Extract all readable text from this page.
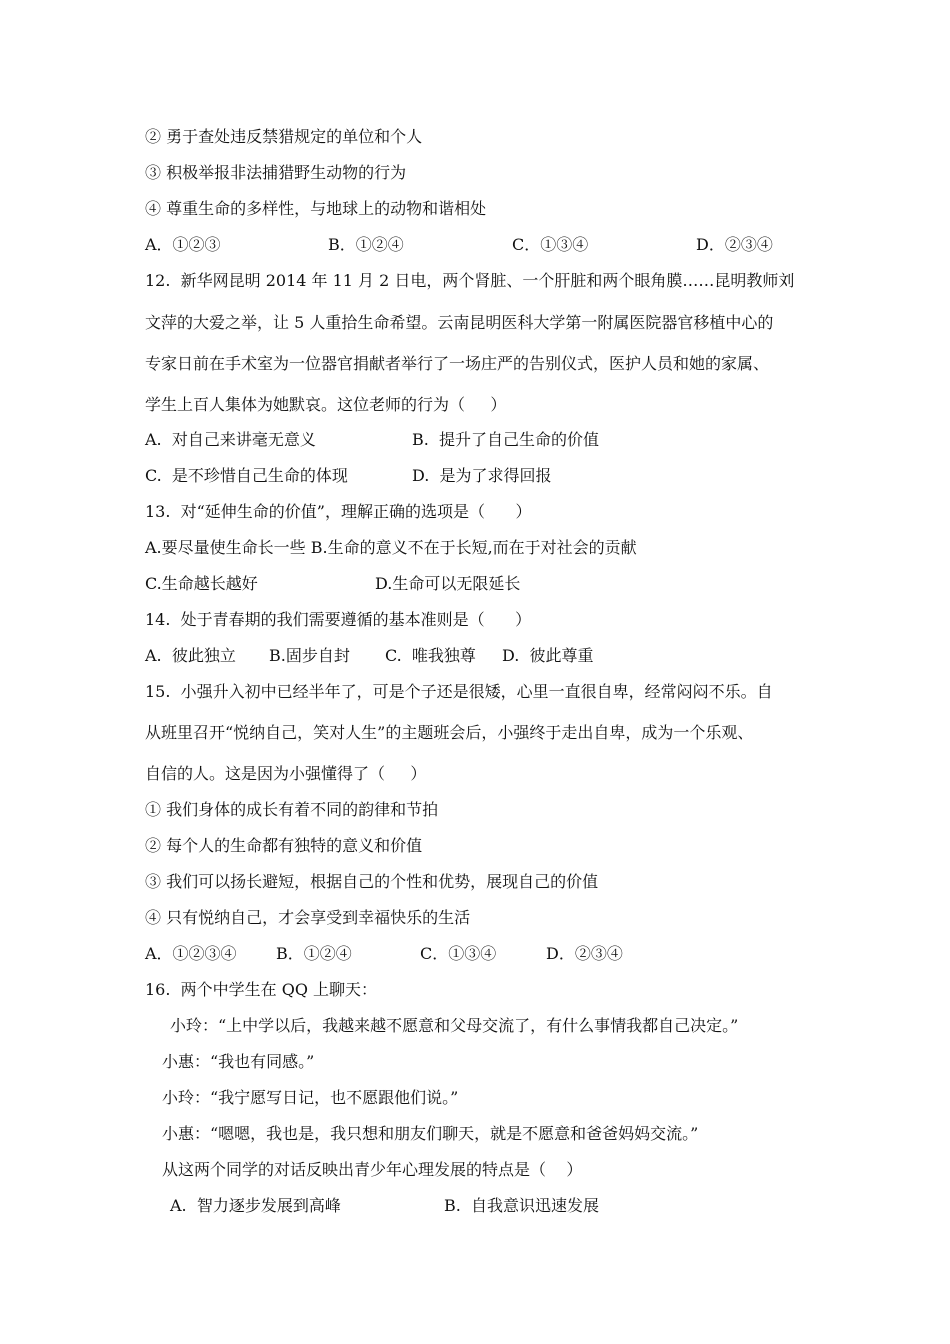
② 勇于查处违反禁猎规定的单位和个人
③ 积极举报非法捕猎野生动物的行为
④ 尊重生命的多样性，与地球上的动物和谐相处
A．①②③	B．①②④	C．①③④	D．②③④
12.  新华网昆明 2014 年 11 月 2 日电，两个肾脏、一个肝脏和两个眼角膜……昆明教师刘
文萍的大爱之举，让 5 人重拾生命希望。云南昆明医科大学第一附属医院器官移植中心的
专家日前在手术室为一位器官捐献者举行了一场庄严的告别仪式，医护人员和她的家属、
学生上百人集体为她默哀。这位老师的行为（     ）
A.  对自己来讲毫无意义	B.  提升了自己生命的价值
C.  是不珍惜自己生命的体现	D.  是为了求得回报
13.  对“延伸生命的价值”，理解正确的选项是（      ）
A.要尽量使生命长一些 B.生命的意义不在于长短,而在于对社会的贡献
C.生命越长越好	D.生命可以无限延长
14.  处于青春期的我们需要遵循的基本准则是（      ）
A.  彼此独立 B.固步自封 C.  唯我独尊 D.  彼此尊重
15.  小强升入初中已经半年了，可是个子还是很矮，心里一直很自卑，经常闷闷不乐。自
从班里召开“悦纳自己，笑对人生”的主题班会后，小强终于走出自卑，成为一个乐观、
自信的人。这是因为小强懂得了（     ）
① 我们身体的成长有着不同的韵律和节拍
② 每个人的生命都有独特的意义和价值
③ 我们可以扬长避短，根据自己的个性和优势，展现自己的价值
④ 只有悦纳自己，才会享受到幸福快乐的生活
A．①②③④ B．①②④	C．①③④	D．②③④
16.  两个中学生在 QQ 上聊天：
小玲：“上中学以后，我越来越不愿意和父母交流了，有什么事情我都自己决定。”
小惠：“我也有同感。”
小玲：“我宁愿写日记，也不愿跟他们说。”
小惠：“嗯嗯，我也是，我只想和朋友们聊天，就是不愿意和爸爸妈妈交流。”
从这两个同学的对话反映出青少年心理发展的特点是（    ）
A.  智力逐步发展到高峰	B.  自我意识迅速发展
